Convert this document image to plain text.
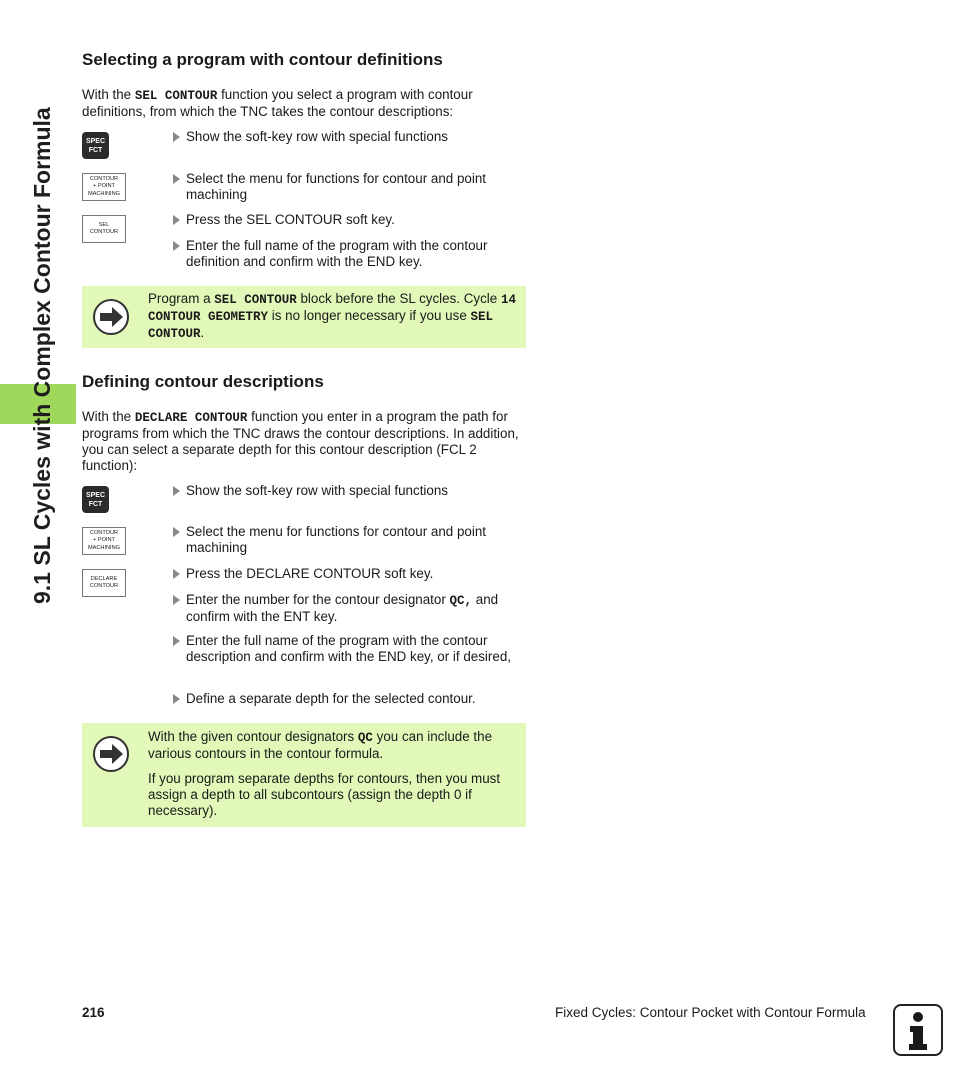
9.1 SL Cycles with Complex Contour Formula
Selecting a program with contour definitions
With the SEL CONTOUR function you select a program with contour definitions, from which the TNC takes the contour descriptions:
SPEC
FCT
Show the soft-key row with special functions
CONTOUR
+ POINT
MACHINING
Select the menu for functions for contour and point machining
SEL
CONTOUR
Press the SEL CONTOUR soft key.
Enter the full name of the program with the contour definition and confirm with the END key.
Program a SEL CONTOUR block before the SL cycles. Cycle 14 CONTOUR GEOMETRY is no longer necessary if you use SEL CONTOUR.
Defining contour descriptions
With the DECLARE CONTOUR function you enter in a program the path for programs from which the TNC draws the contour descriptions. In addition, you can select a separate depth for this contour description (FCL 2 function):
SPEC
FCT
Show the soft-key row with special functions
CONTOUR
+ POINT
MACHINING
Select the menu for functions for contour and point machining
DECLARE
CONTOUR
Press the DECLARE CONTOUR soft key.
Enter the number for the contour designator QC, and confirm with the ENT key.
Enter the full name of the program with the contour description and confirm with the END key, or if desired,
Define a separate depth for the selected contour.
With the given contour designators QC you can include the various contours in the contour formula.
If you program separate depths for contours, then you must assign a depth to all subcontours (assign the depth 0 if necessary).
216	Fixed Cycles: Contour Pocket with Contour Formula
